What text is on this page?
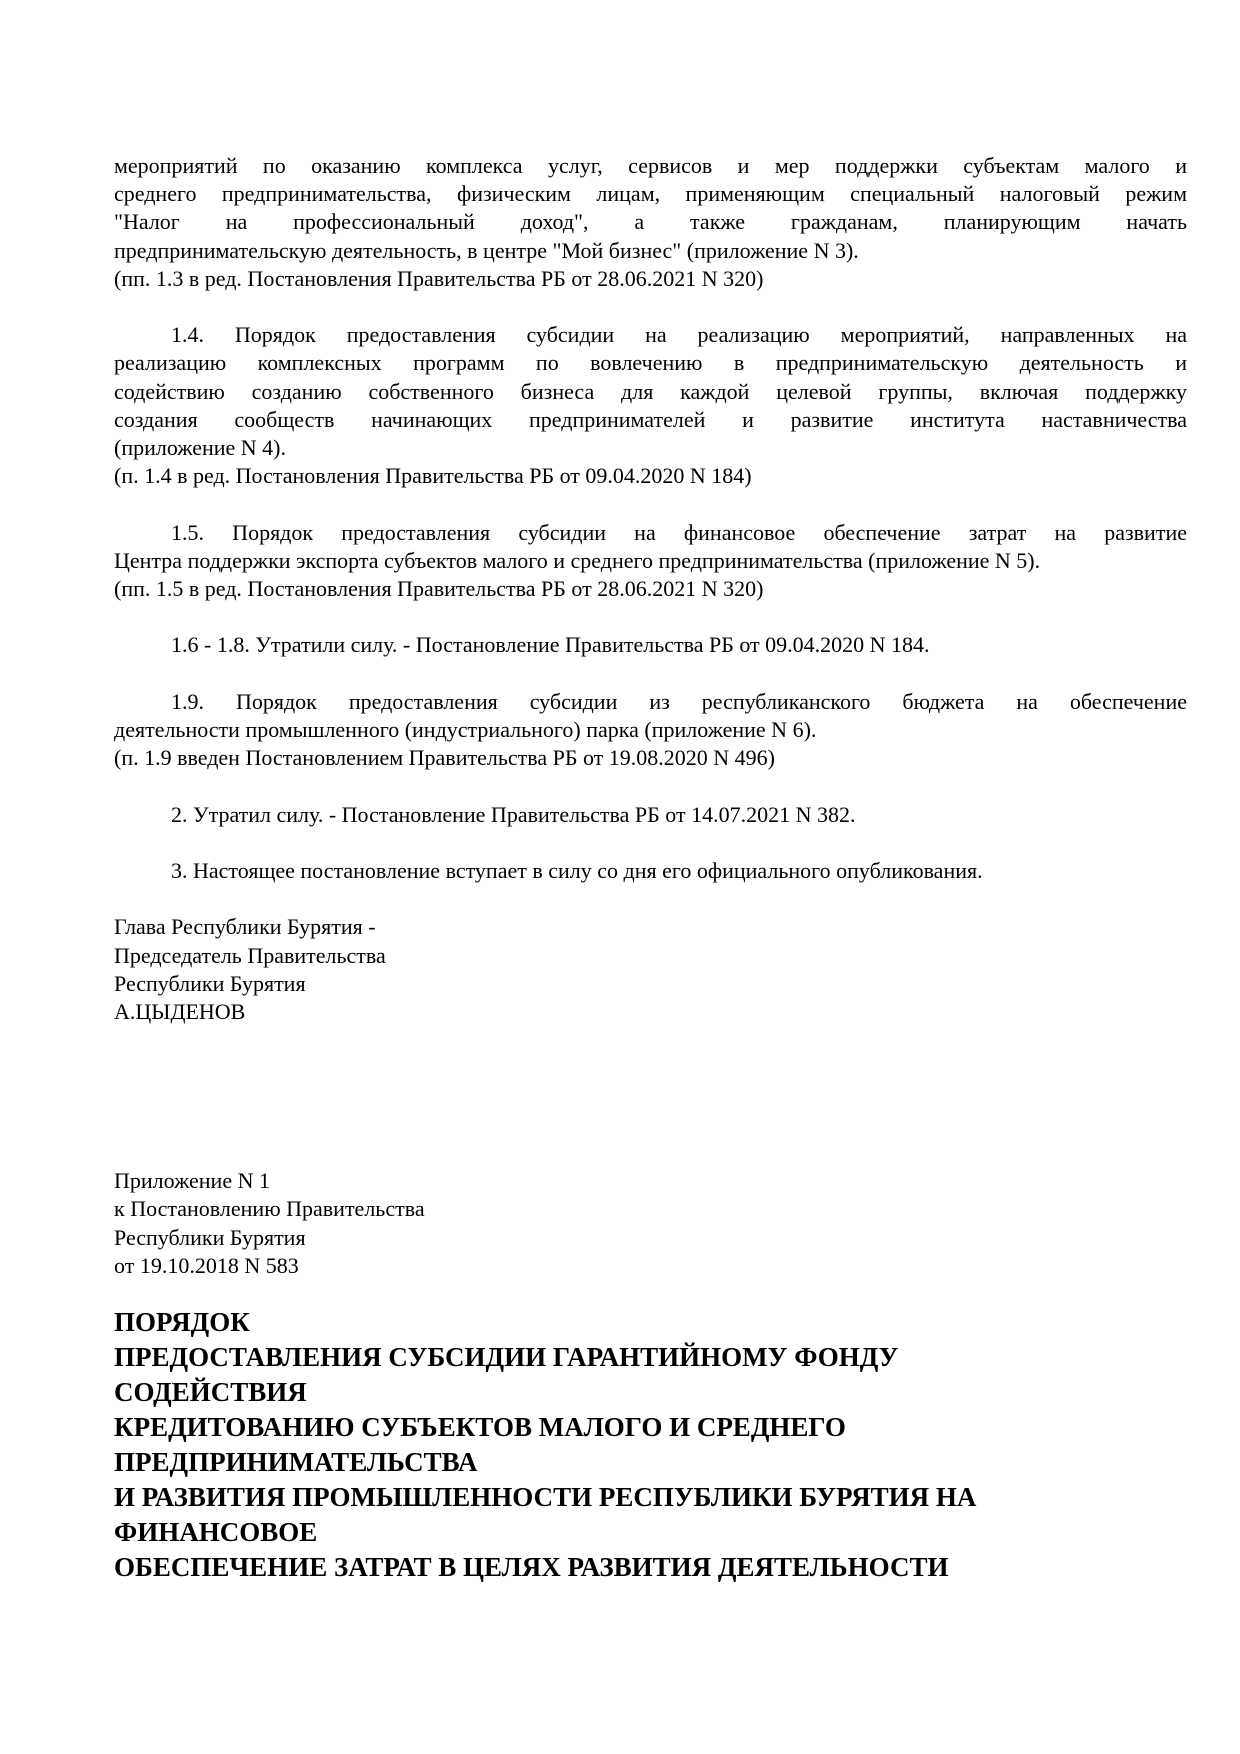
мероприятий по оказанию комплекса услуг, сервисов и мер поддержки субъектам малого и
среднего предпринимательства, физическим лицам, применяющим специальный налоговый режим
"Налог на профессиональный доход", а также гражданам, планирующим начать
предпринимательскую деятельность, в центре "Мой бизнес" (приложение N 3).
(пп. 1.3 в ред. Постановления Правительства РБ от 28.06.2021 N 320)
1.4. Порядок предоставления субсидии на реализацию мероприятий, направленных на
реализацию комплексных программ по вовлечению в предпринимательскую деятельность и
содействию созданию собственного бизнеса для каждой целевой группы, включая поддержку
создания сообществ начинающих предпринимателей и развитие института наставничества
(приложение N 4).
(п. 1.4 в ред. Постановления Правительства РБ от 09.04.2020 N 184)
1.5. Порядок предоставления субсидии на финансовое обеспечение затрат на развитие
Центра поддержки экспорта субъектов малого и среднего предпринимательства (приложение N 5).
(пп. 1.5 в ред. Постановления Правительства РБ от 28.06.2021 N 320)
1.6 - 1.8. Утратили силу. - Постановление Правительства РБ от 09.04.2020 N 184.
1.9. Порядок предоставления субсидии из республиканского бюджета на обеспечение
деятельности промышленного (индустриального) парка (приложение N 6).
(п. 1.9 введен Постановлением Правительства РБ от 19.08.2020 N 496)
2. Утратил силу. - Постановление Правительства РБ от 14.07.2021 N 382.
3. Настоящее постановление вступает в силу со дня его официального опубликования.
Глава Республики Бурятия -
Председатель Правительства
Республики Бурятия
А.ЦЫДЕНОВ
Приложение N 1
к Постановлению Правительства
Республики Бурятия
от 19.10.2018 N 583
ПОРЯДОК
ПРЕДОСТАВЛЕНИЯ СУБСИДИИ ГАРАНТИЙНОМУ ФОНДУ
СОДЕЙСТВИЯ
КРЕДИТОВАНИЮ СУБЪЕКТОВ МАЛОГО И СРЕДНЕГО
ПРЕДПРИНИМАТЕЛЬСТВА
И РАЗВИТИЯ ПРОМЫШЛЕННОСТИ РЕСПУБЛИКИ БУРЯТИЯ НА
ФИНАНСОВОЕ
ОБЕСПЕЧЕНИЕ ЗАТРАТ В ЦЕЛЯХ РАЗВИТИЯ ДЕЯТЕЛЬНОСТИ
